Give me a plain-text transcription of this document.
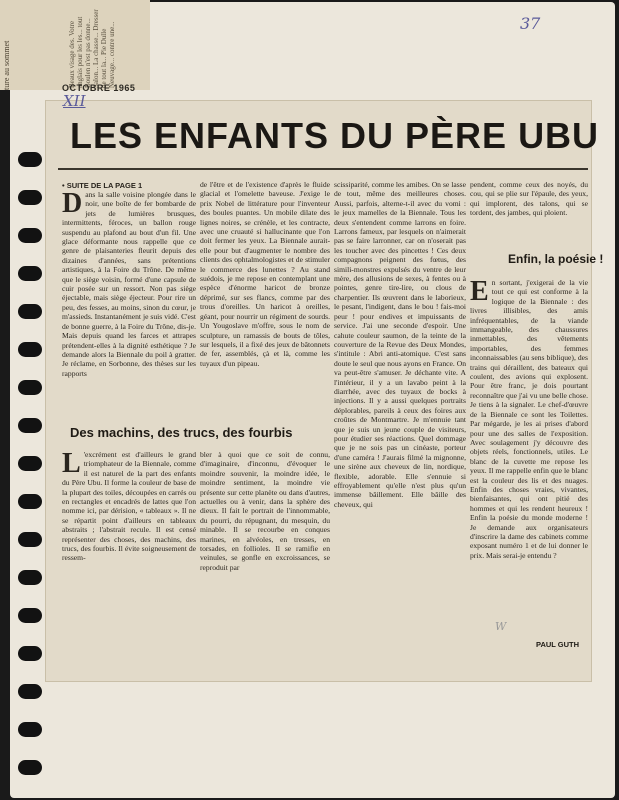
ture au sommet	Beaux visage des. Votre anglais pour les les... tout Boulen n'est pas donne... Salon... La chasse... Dresser de tout la... Pie Dulle Neuvage... contre une...
OCTOBRE 1965
37
XII
LES ENFANTS DU PÈRE UBU
• SUITE DE LA PAGE 1
Dans la salle voisine plongée dans le noir, une boîte de fer bombarde de jets de lumières brusques, intermittents, féroces, un ballon rouge suspendu au plafond au bout d'un fil. Une glace déformante nous rappelle que ce genre de plaisanteries fleurit depuis des dizaines d'années, sans prétentions artistiques, à la Foire du Trône. De même que le siège voisin, formé d'une capsule de cuir posée sur un ressort. Non pas siège éjectable, mais siège éjecteur. Pour rire un peu, des fesses, au moins, sinon du cœur, je m'assieds. Instantanément je suis vidé. C'est de bonne guerre, à la Foire du Trône, dis-je. Mais depuis quand les farces et attrapes prétendent-elles à la dignité esthétique ? Je demande alors la Biennale du poil à gratter. Je réclame, en Sorbonne, des thèses sur les rapports
de l'être et de l'existence d'après le fluide glacial et l'omelette baveuse. J'exige le prix Nobel de littérature pour l'inventeur des boules puantes. Un mobile dilate des lignes noires, se crénèle, et les contracte, avec une cruauté si hallucinante que l'on doit fermer les yeux. La Biennale aurait-elle pour but d'augmenter le nombre des clients des ophtalmologistes et de stimuler le commerce des lunettes ? Au stand suédois, je me repose en contemplant une espèce d'énorme haricot de bronze déprimé, sur ses flancs, comme par des trous d'oreilles. Un haricot à oreilles, géant, pour nourrir un régiment de sourds. Un Yougoslave m'offre, sous le nom de sculpture, un ramassis de bouts de tôles, sur lesquels, il a fixé des jeux de bâtonnets de fer, assemblés, çà et là, comme les tuyaux d'un pipeau.
Des machins, des trucs, des fourbis
L 'excrément est d'ailleurs le grand triomphateur de la Biennale, comme il est naturel de la part des enfants du Père Ubu. Il forme la couleur de base de la plupart des toiles, découpées en carrés ou en rectangles et encadrés de lattes que l'on nomme ici, par dérision, « tableaux ». Il ne se répartit point d'ailleurs en tableaux abstraits ; l'abstrait recule. Il est censé représenter des choses, des machins, des trucs, des fourbis. Il évite soigneusement de ressem-
bler à quoi que ce soit de connu, d'imaginaire, d'inconnu, d'évoquer le moindre souvenir, la moindre idée, le moindre sentiment, la moindre vie présente sur cette planète ou dans d'autres, actuelles ou à venir, dans la sphère des dieux. Il fait le portrait de l'innommable, du pourri, du répugnant, du mesquin, du minable. Il se recourbe en conques marines, en alvéoles, en tresses, en torsades, en follioles. Il se ramifie en veinules, se gonfle en excroissances, se reproduit par
scissiparité, comme les amibes. On se lasse de tout, même des meilleures choses. Aussi, parfois, alterne-t-il avec du vomi : le jeux mamelles de la Biennale. Tous les deux s'entendent comme larrons en foire. Larrons fameux, par lesquels on n'aimerait pas se faire larronner, car on n'oserait pas les toucher avec des pincettes ! Ces deux compagnons peignent des fœtus, des simili-monstres expulsés du ventre de leur mère, des allusions de sexes, à fentes ou à pointes, genre tire-lire, ou clous de charpentier. Ils œuvrent dans le laborieux, le pesant, l'indigent, dans le bou ! fais-moi peur ! pour endives et impuissants de service. J'ai une seconde d'espoir. Une cahute couleur saumon, de la teinte de la couverture de la Revue des Deux Mondes, s'intitule : Abri anti-atomique. C'est sans doute le seul que nous ayons en France. On va peut-être s'amuser. Je déchante vite. A l'intérieur, il y a un lavabo peint à la diarrhée, avec des tuyaux de bocks à injections. Il y a aussi quelques portraits déplorables, pareils à ceux des foires aux croûtes de Montmartre. Je m'ennuie tant que je suis un jeune couple de visiteurs, pour étudier ses réactions. Quel dommage que je ne sois pas un cinéaste, porteur d'une caméra ! J'aurais filmé la mignonne, une sirène aux cheveux de lin, nordique, flexible, adorable. Elle s'ennuie si effroyablement qu'elle n'est plus qu'un immense bâillement. Elle bâille des cheveux, qui
pendent, comme ceux des noyés, du cou, qui se plie sur l'épaule, des yeux, qui implorent, des talons, qui se tordent, des jambes, qui ploient.
Enfin, la poésie !
En sortant, j'exigerai de la vie tout ce qui est conforme à la logique de la Biennale : des livres illisibles, des amis infréquentables, de la viande immangeable, des chaussures inmettables, des vêtements importables, des femmes inconnaissables (au sens biblique), des trains qui déraillent, des bateaux qui coulent, des avions qui explosent. Pour être franc, je dois pourtant reconnaître que j'ai vu une belle chose. Je tiens à la signaler. Le chef-d'œuvre de la Biennale ce sont les Toilettes. Par mégarde, je les ai prises d'abord pour une des salles de l'exposition. Avec soulagement j'y découvre des objets réels, fonctionnels, utiles. Le blanc de la cuvette me repose les yeux. Il me rappelle enfin que le blanc est la couleur des lis et des nuages. Enfin des choses vraies, vivantes, bienfaisantes, qui ont pitié des hommes et qui les rendent heureux ! Enfin la poésie du monde moderne ! Je demande aux organisateurs d'inscrire la dame des cabinets comme exposant numéro 1 et de lui donner le prix. Mais serai-je entendu ?
PAUL GUTH
W
